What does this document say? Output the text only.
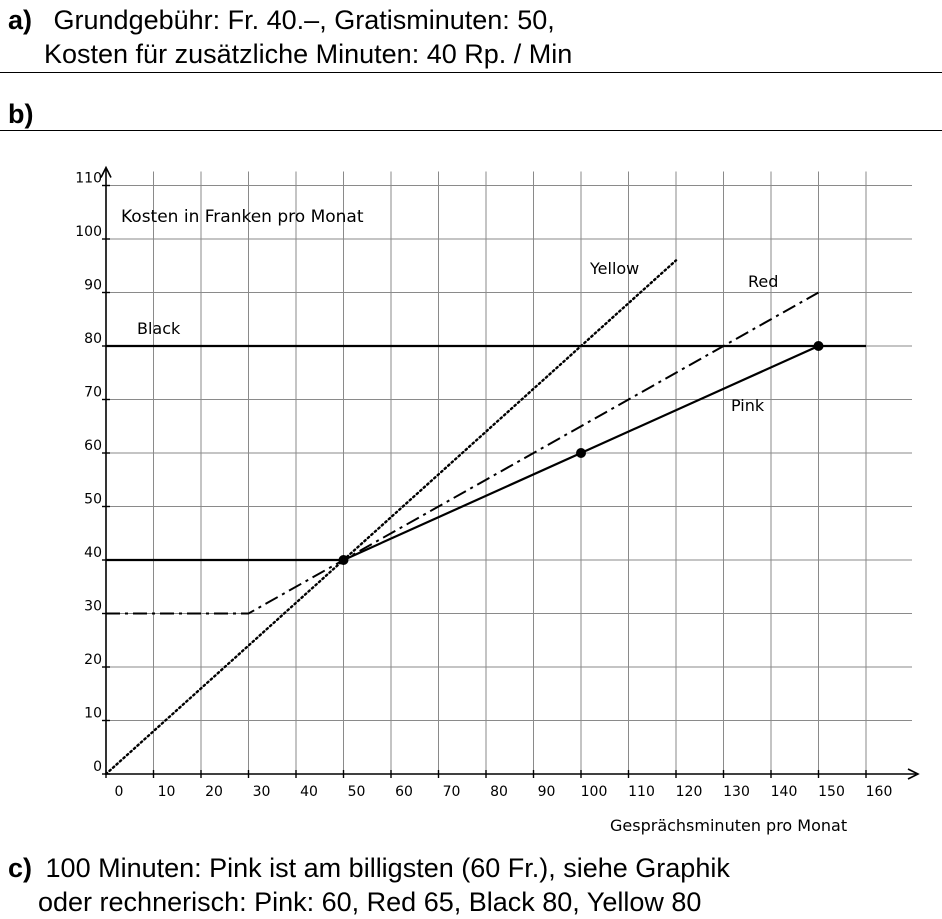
a) Grundgebühr: Fr. 40.–, Gratisminuten: 50,
Kosten für zusätzliche Minuten: 40 Rp. / Min
b)
0 10 20 30 40 50 60 70 80 90 100 110 120 130 140 150 160
0
10
20
30
40
50
60
70
80
90
100
110
Kosten in Franken pro Monat
Gesprächsminuten pro Monat
Yellow
Red
Black
Pink
c) 100 Minuten: Pink ist am billigsten (60 Fr.), siehe Graphik
oder rechnerisch: Pink: 60, Red 65, Black 80, Yellow 80
